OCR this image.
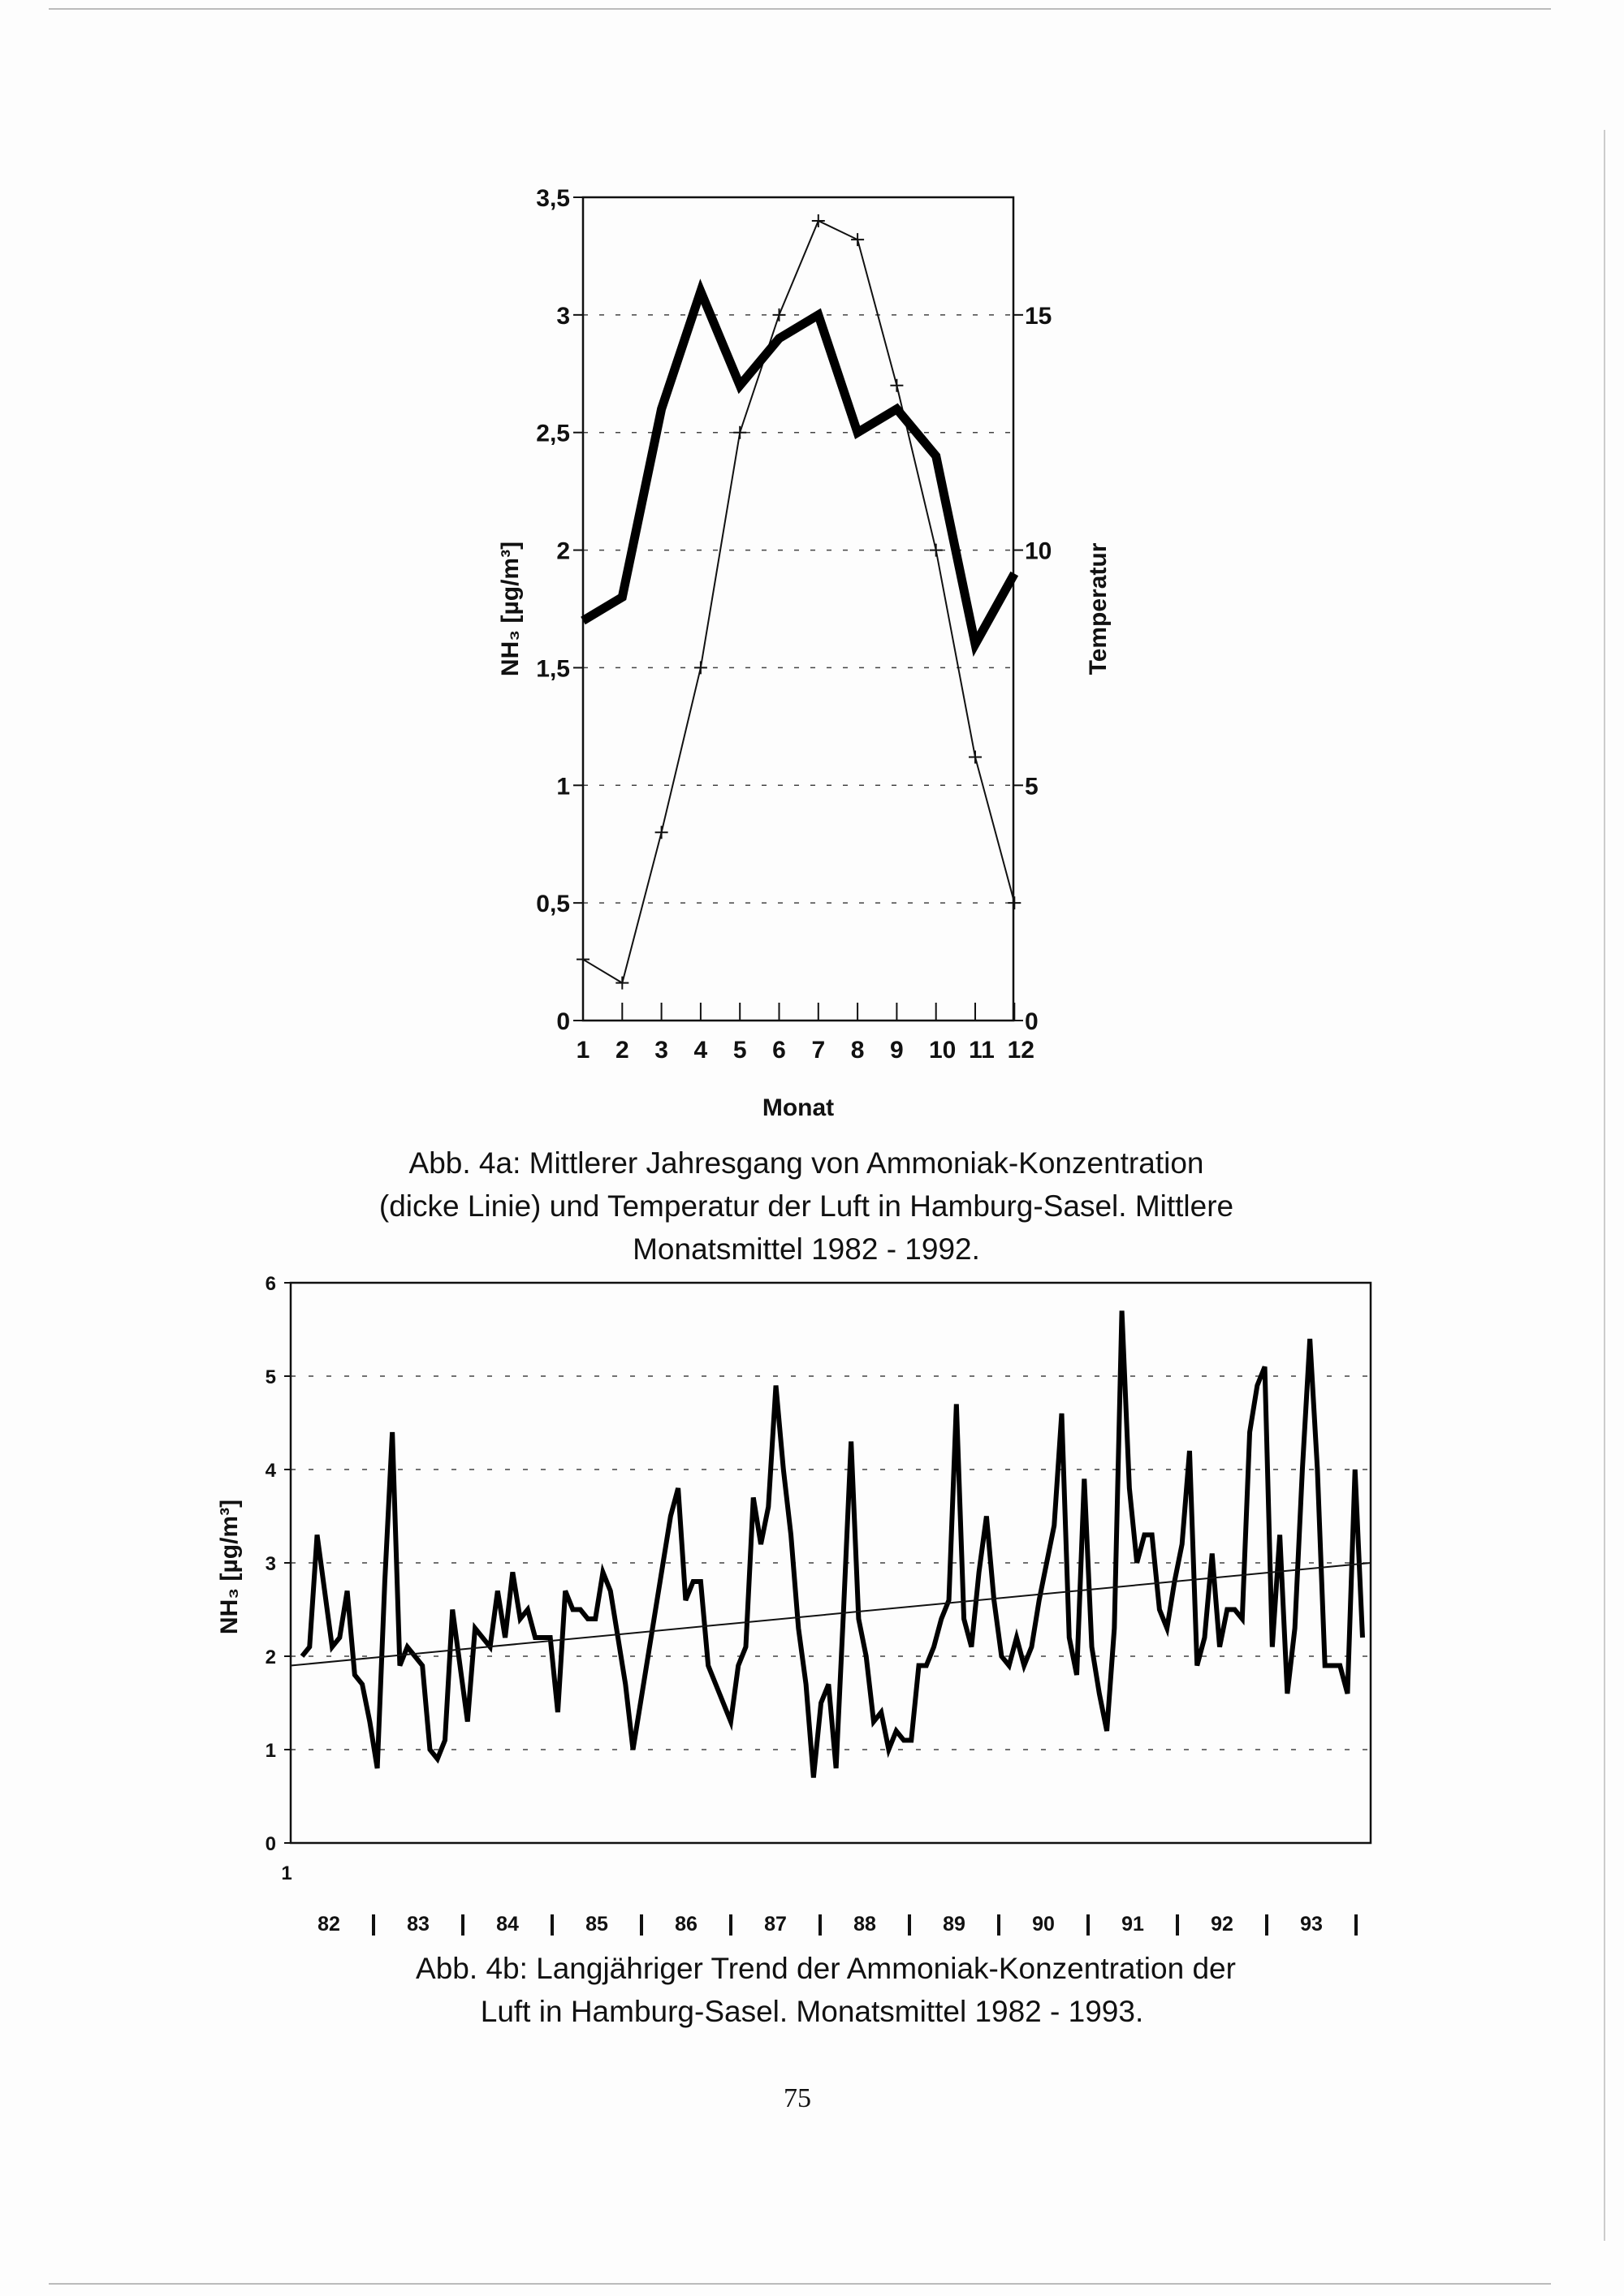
0
0,5
1
1,5
2
2,5
3
3,5
0
5
10
15
1 2 3 4 5 6 7 8 9 10 11 12
NH₃ [µg/m³]	Temperatur
Monat
Abb. 4a: Mittlerer Jahresgang von Ammoniak-Konzentration
(dicke Linie) und Temperatur der Luft in Hamburg-Sasel. Mittlere
Monatsmittel 1982 - 1992.
0
1
2
3
4
5
6
82	83	84	85	86	87	88	89	90	91	92	93
1
NH₃ [µg/m³]
Abb. 4b: Langjähriger Trend der Ammoniak-Konzentration der
Luft in Hamburg-Sasel. Monatsmittel 1982 - 1993.
75
